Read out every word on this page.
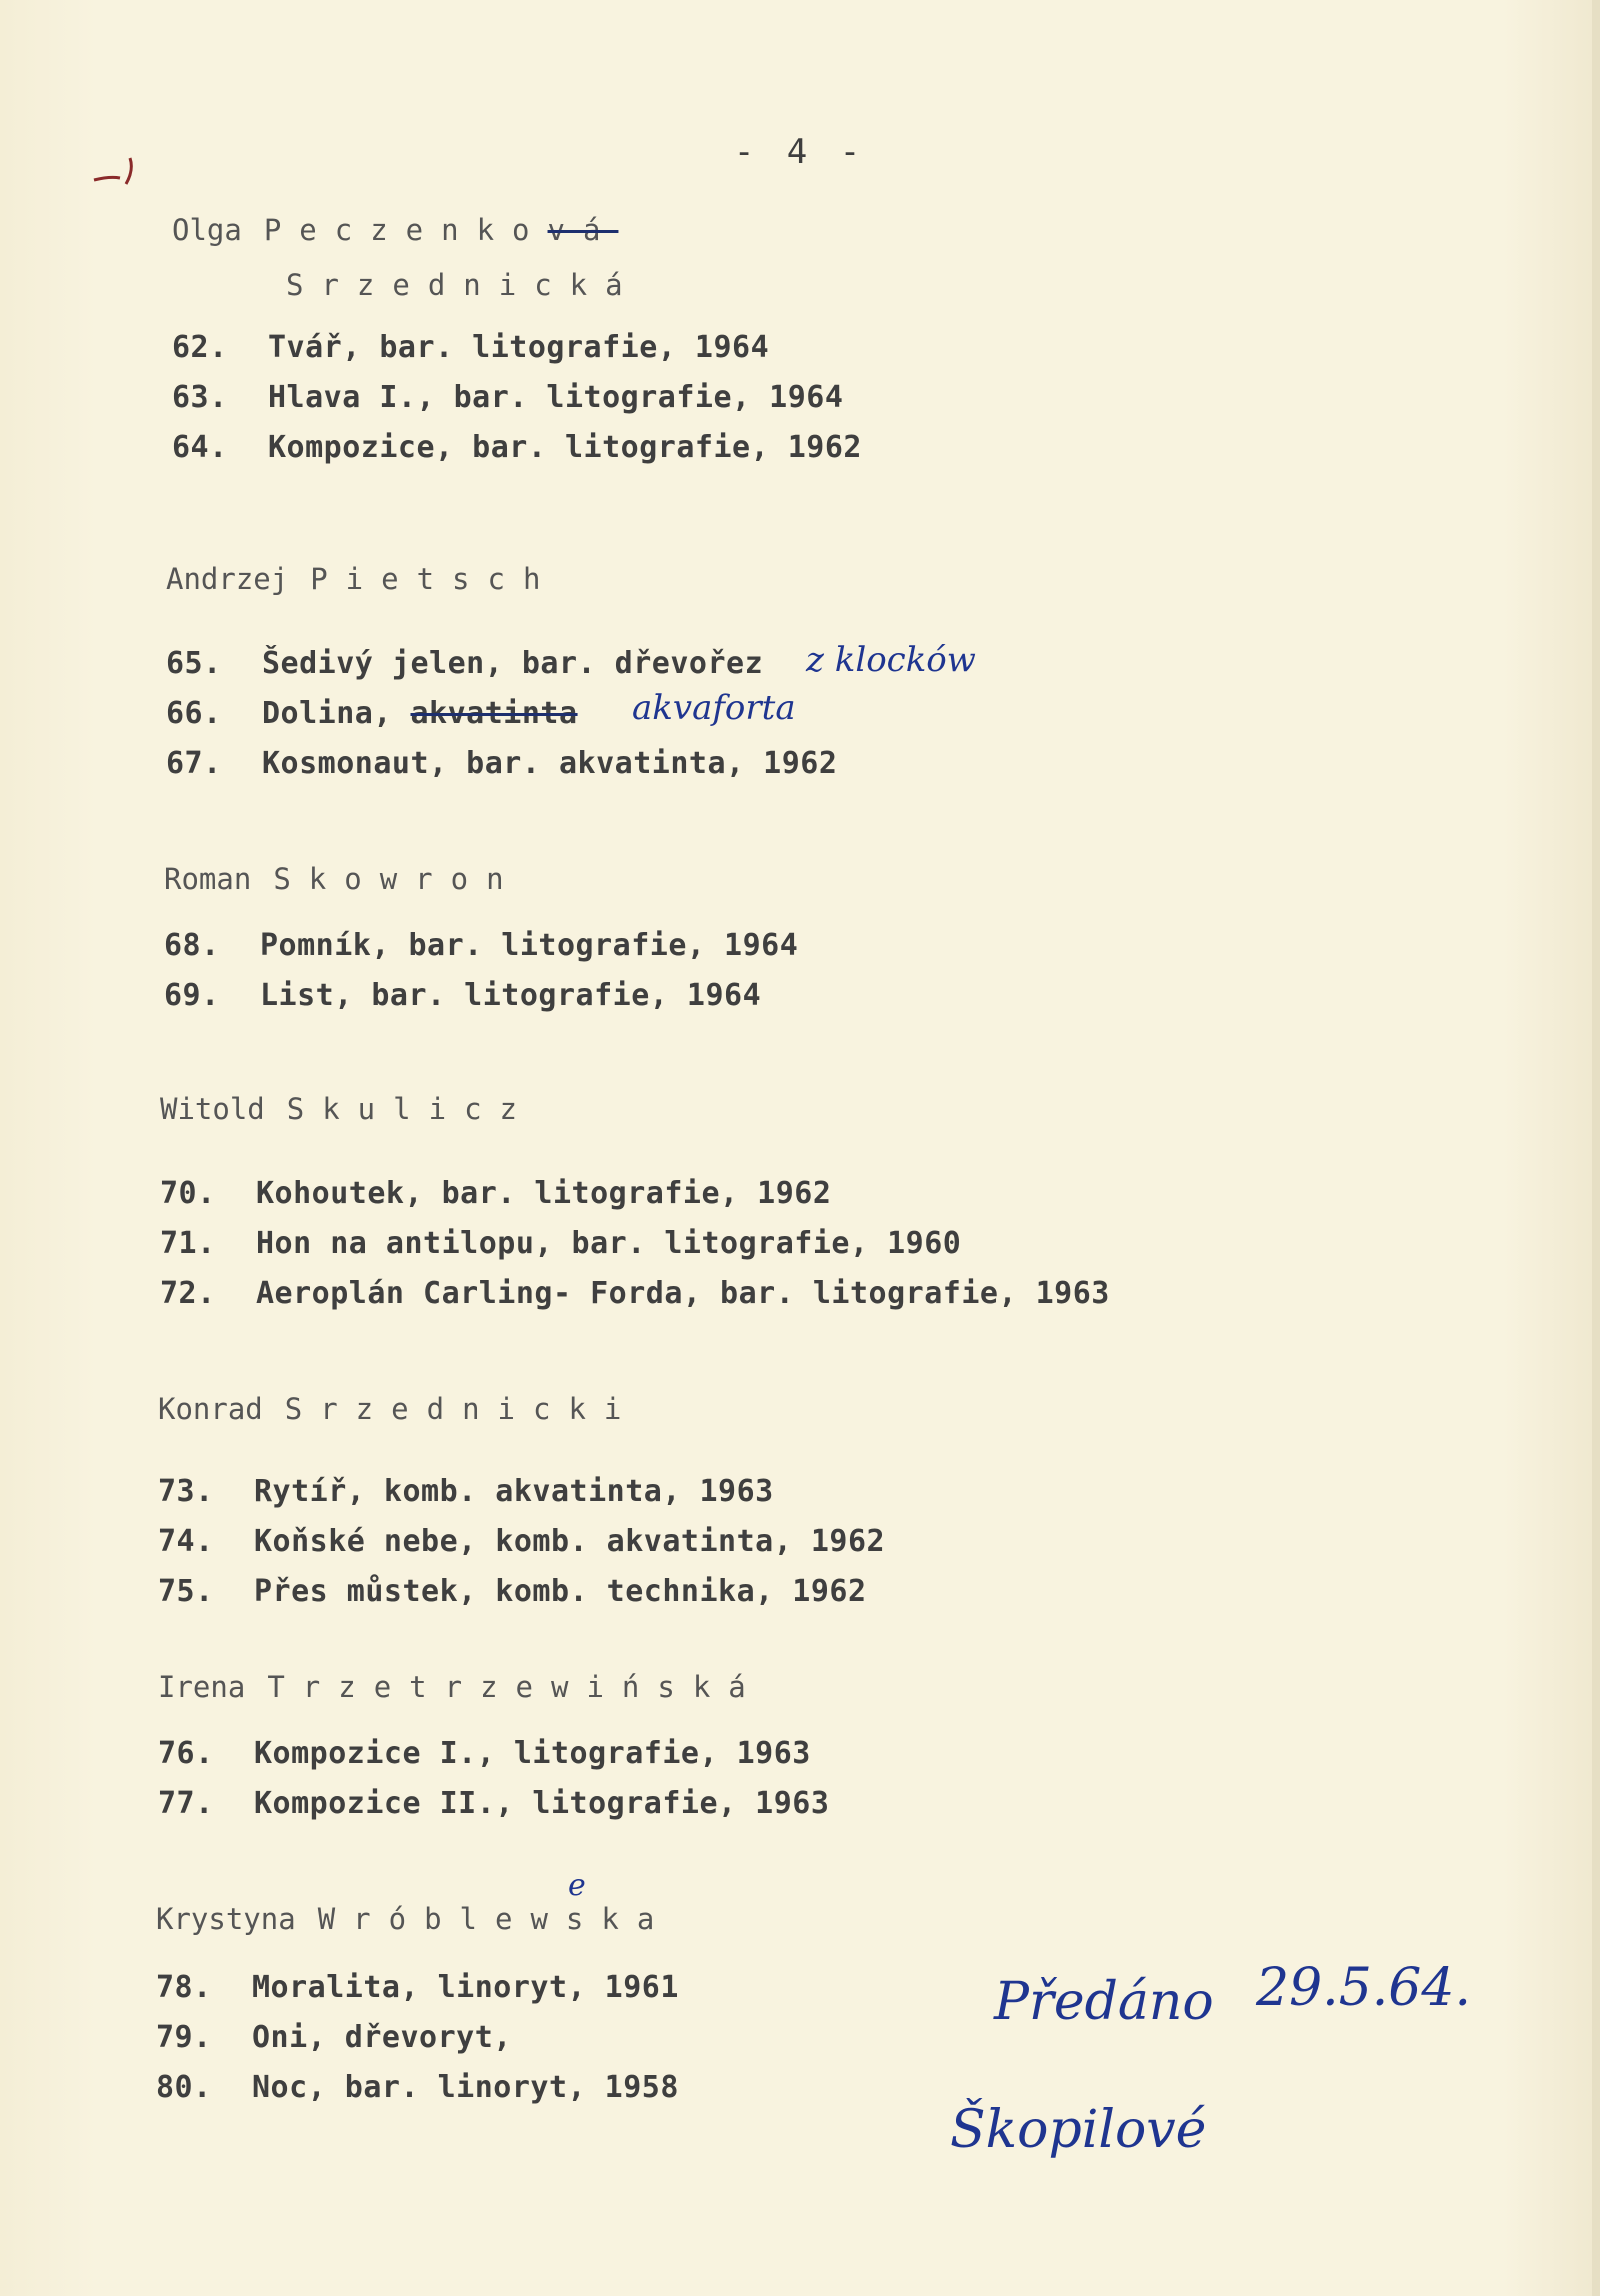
- 4 -
Olga Peczenková
Srzednická
62. Tvář, bar. litografie, 1964
63. Hlava I., bar. litografie, 1964
64. Kompozice, bar. litografie, 1962
Andrzej Pietsch
65. Šedivý jelen, bar. dřevořez z klocków
66. Dolina, akvatinta akvaforta
67. Kosmonaut, bar. akvatinta, 1962
Roman Skowron
68. Pomník, bar. litografie, 1964
69. List, bar. litografie, 1964
Witold Skulicz
70. Kohoutek, bar. litografie, 1962
71. Hon na antilopu, bar. litografie, 1960
72. Aeroplán Carling- Forda, bar. litografie, 1963
Konrad Srzednicki
73. Rytíř, komb. akvatinta, 1963
74. Koňské nebe, komb. akvatinta, 1962
75. Přes můstek, komb. technika, 1962
Irena Trzetrzewińská
76. Kompozice I., litografie, 1963
77. Kompozice II., litografie, 1963
Krystyna Wróblewska
e
78. Moralita, linoryt, 1961
79. Oni, dřevoryt,
80. Noc, bar. linoryt, 1958
Předáno 29.5.64.
Škopilové
